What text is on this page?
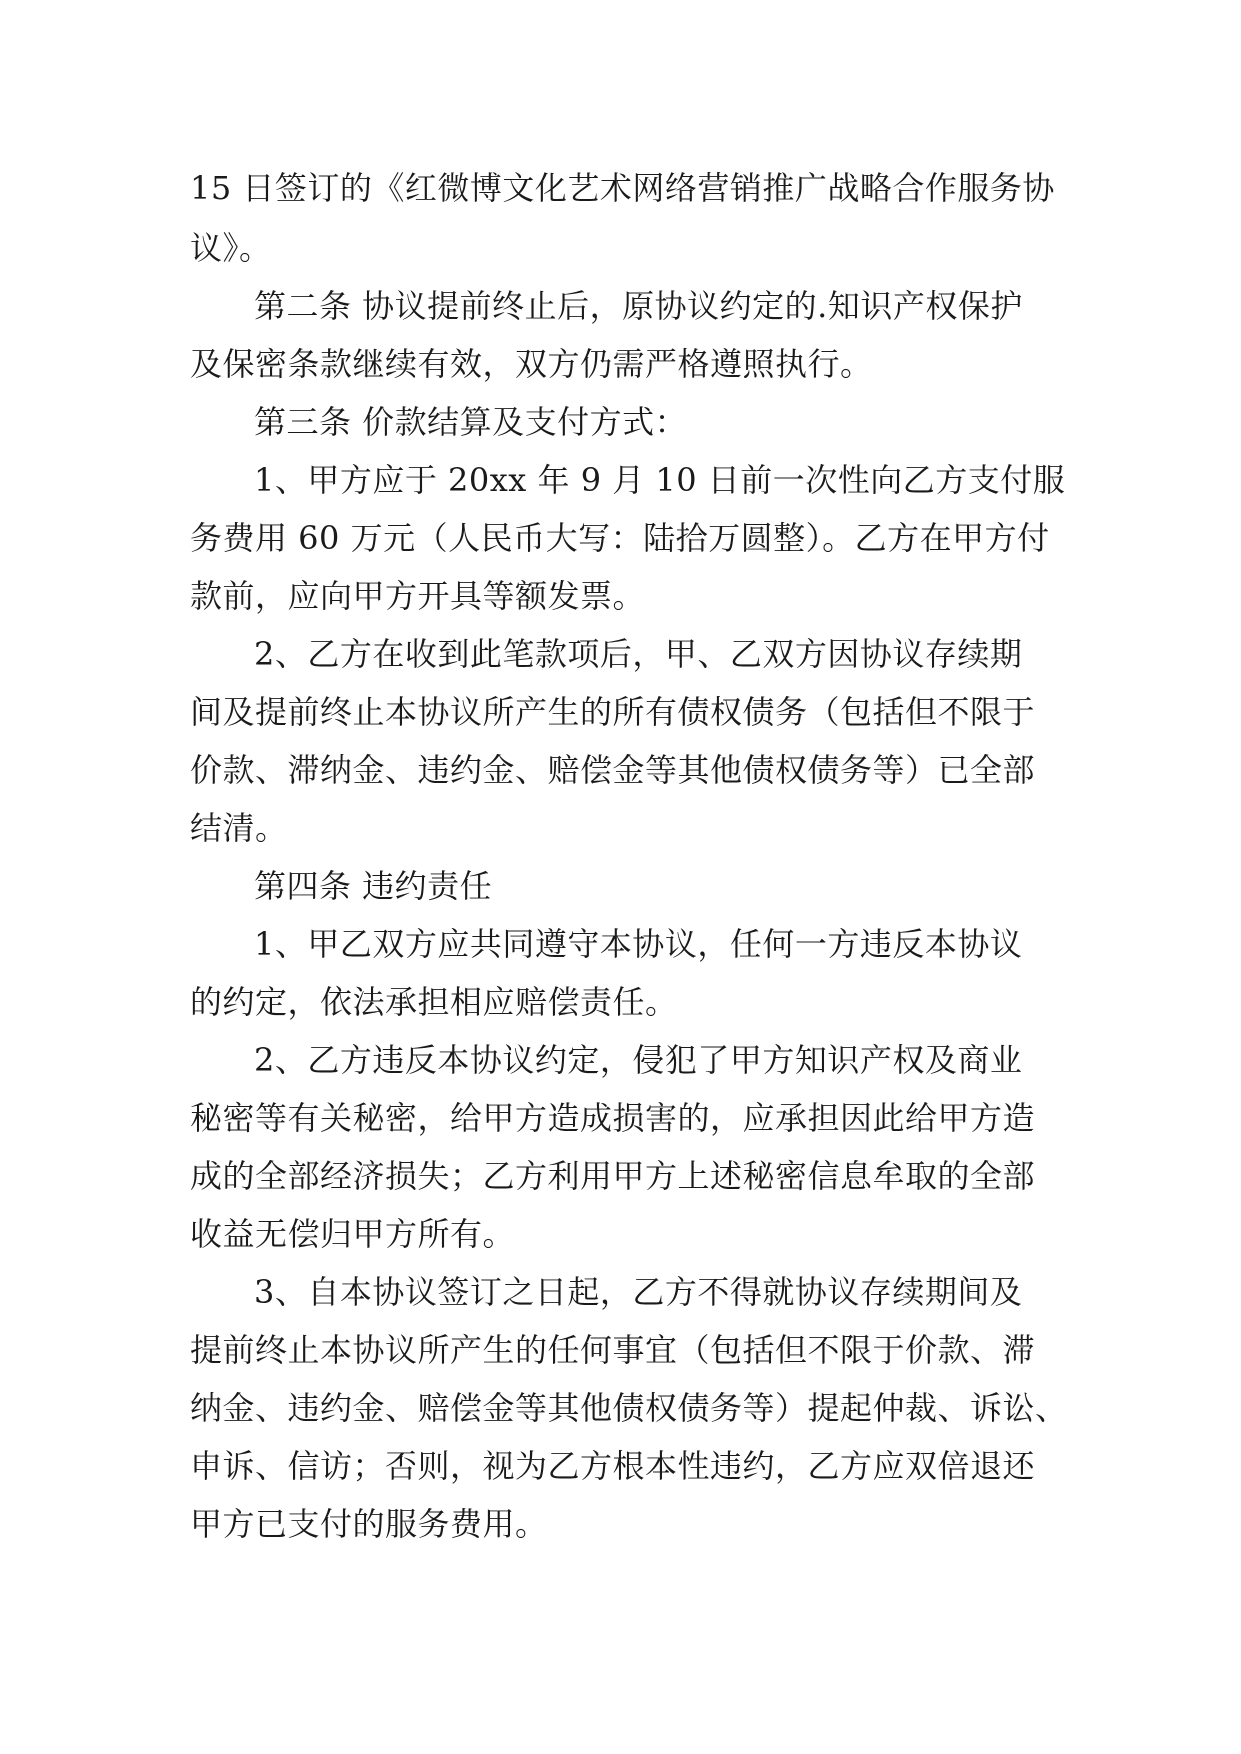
15 日签订的《红微博文化艺术网络营销推广战略合作服务协
议》。
第二条 协议提前终止后，原协议约定的.知识产权保护
及保密条款继续有效，双方仍需严格遵照执行。
第三条 价款结算及支付方式：
1、甲方应于 20xx 年 9 月 10 日前一次性向乙方支付服
务费用 60 万元（人民币大写：陆拾万圆整）。乙方在甲方付
款前，应向甲方开具等额发票。
2、乙方在收到此笔款项后，甲、乙双方因协议存续期
间及提前终止本协议所产生的所有债权债务（包括但不限于
价款、滞纳金、违约金、赔偿金等其他债权债务等）已全部
结清。
第四条 违约责任
1、甲乙双方应共同遵守本协议，任何一方违反本协议
的约定，依法承担相应赔偿责任。
2、乙方违反本协议约定，侵犯了甲方知识产权及商业
秘密等有关秘密，给甲方造成损害的，应承担因此给甲方造
成的全部经济损失；乙方利用甲方上述秘密信息牟取的全部
收益无偿归甲方所有。
3、自本协议签订之日起，乙方不得就协议存续期间及
提前终止本协议所产生的任何事宜（包括但不限于价款、滞
纳金、违约金、赔偿金等其他债权债务等）提起仲裁、诉讼、
申诉、信访；否则，视为乙方根本性违约，乙方应双倍退还
甲方已支付的服务费用。
